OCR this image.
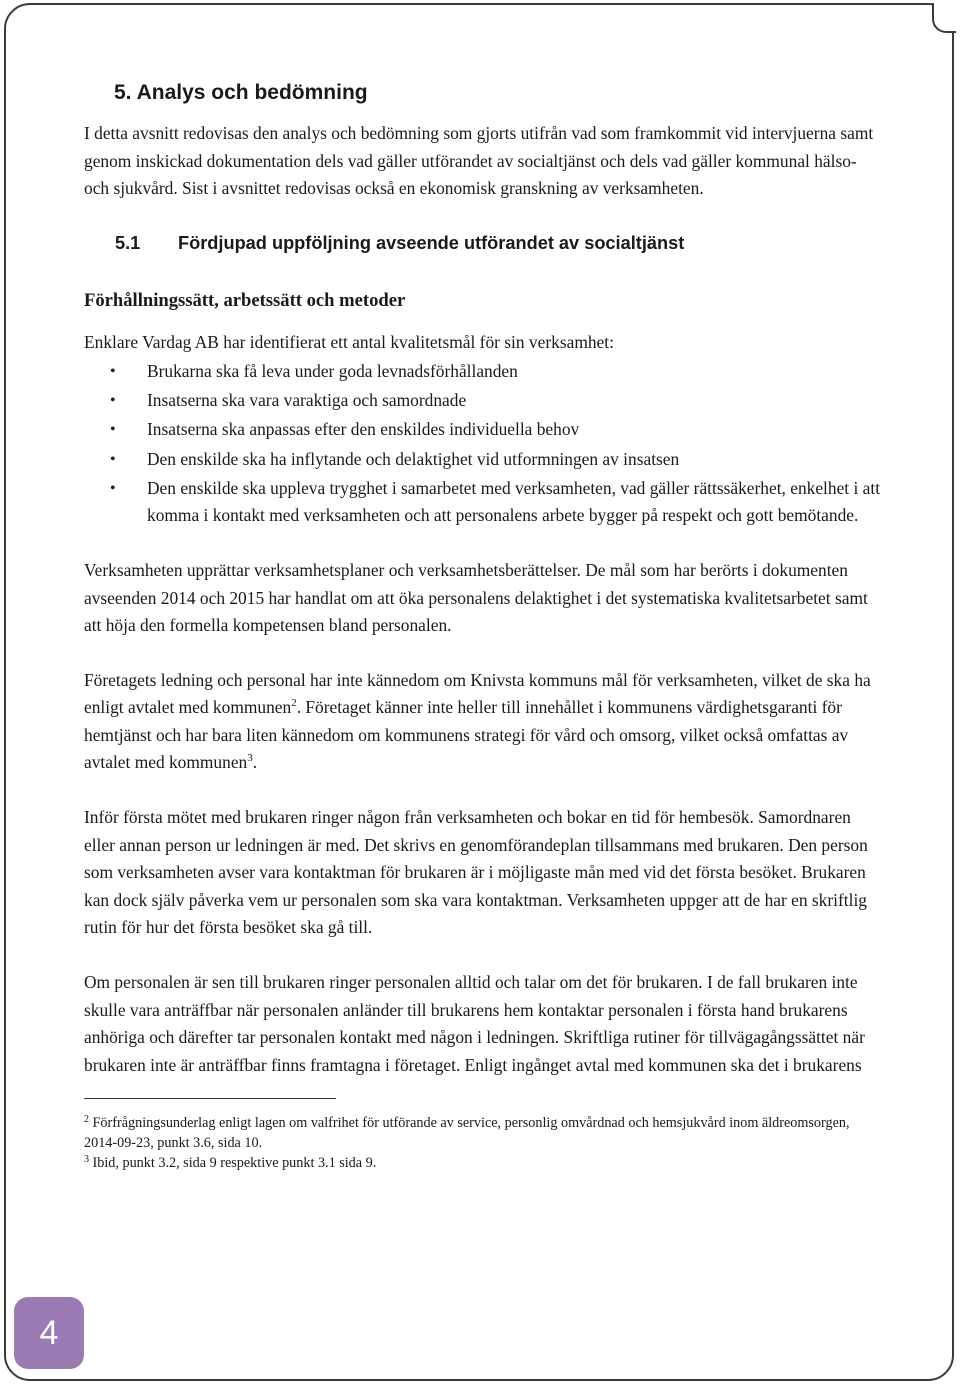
5. Analys och bedömning

I detta avsnitt redovisas den analys och bedömning som gjorts utifrån vad som framkommit vid intervjuerna samt genom inskickad dokumentation dels vad gäller utförandet av socialtjänst och dels vad gäller kommunal hälso- och sjukvård. Sist i avsnittet redovisas också en ekonomisk granskning av verksamheten.

5.1	Fördjupad uppföljning avseende utförandet av socialtjänst
Förhållningssätt, arbetssätt och metoder

Enklare Vardag AB har identifierat ett antal kvalitetsmål för sin verksamhet:

• Brukarna ska få leva under goda levnadsförhållanden
• Insatserna ska vara varaktiga och samordnade
• Insatserna ska anpassas efter den enskildes individuella behov
• Den enskilde ska ha inflytande och delaktighet vid utformningen av insatsen
• Den enskilde ska uppleva trygghet i samarbetet med verksamheten, vad gäller rättssäkerhet, enkelhet i att komma i kontakt med verksamheten och att personalens arbete bygger på respekt och gott bemötande.

Verksamheten upprättar verksamhetsplaner och verksamhetsberättelser. De mål som har berörts i dokumenten avseenden 2014 och 2015 har handlat om att öka personalens delaktighet i det systematiska kvalitetsarbetet samt att höja den formella kompetensen bland personalen.

Företagets ledning och personal har inte kännedom om Knivsta kommuns mål för verksamheten, vilket de ska ha enligt avtalet med kommunen$^2$. Företaget känner inte heller till innehållet i kommunens värdighetsgaranti för hemtjänst och har bara liten kännedom om kommunens strategi för vård och omsorg, vilket också omfattas av avtalet med kommunen$^3$.

Inför första mötet med brukaren ringer någon från verksamheten och bokar en tid för hembesök. Samordnaren eller annan person ur ledningen är med. Det skrivs en genomförandeplan tillsammans med brukaren. Den person som verksamheten avser vara kontaktman för brukaren är i möjligaste mån med vid det första besöket. Brukaren kan dock själv påverka vem ur personalen som ska vara kontaktman. Verksamheten uppger att de har en skriftlig rutin för hur det första besöket ska gå till.

Om personalen är sen till brukaren ringer personalen alltid och talar om det för brukaren. I de fall brukaren inte skulle vara anträffbar när personalen anländer till brukarens hem kontaktar personalen i första hand brukarens anhöriga och därefter tar personalen kontakt med någon i ledningen. Skriftliga rutiner för tillvägagångssättet när brukaren inte är anträffbar finns framtagna i företaget. Enligt ingånget avtal med kommunen ska det i brukarens

$^2$ Förfrågningsunderlag enligt lagen om valfrihet för utförande av service, personlig omvårdnad och hemsjukvård inom äldreomsorgen, 2014-09-23, punkt 3.6, sida 10.

$^3$ Ibid, punkt 3.2, sida 9 respektive punkt 3.1 sida 9.

4
